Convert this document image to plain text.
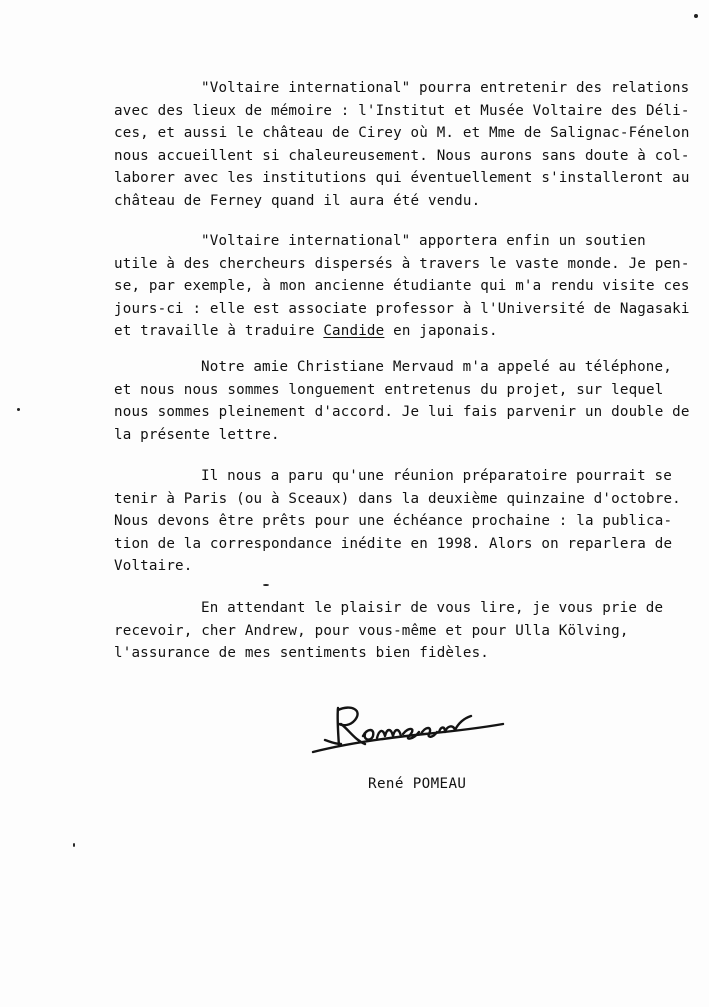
"Voltaire international" pourra entretenir des relations
avec des lieux de mémoire : l'Institut et Musée Voltaire des Déli-
ces, et aussi le château de Cirey où M. et Mme de Salignac-Fénelon
nous accueillent si chaleureusement. Nous aurons sans doute à col-
laborer avec les institutions qui éventuellement s'installeront au
château de Ferney quand il aura été vendu.
"Voltaire international" apportera enfin un soutien
utile à des chercheurs dispersés à travers le vaste monde. Je pen-
se, par exemple, à mon ancienne étudiante qui m'a rendu visite ces
jours-ci : elle est associate professor à l'Université de Nagasaki
et travaille à traduire Candide en japonais.
Notre amie Christiane Mervaud m'a appelé au téléphone,
et nous nous sommes longuement entretenus du projet, sur lequel
nous sommes pleinement d'accord. Je lui fais parvenir un double de
la présente lettre.
Il nous a paru qu'une réunion préparatoire pourrait se
tenir à Paris (ou à Sceaux) dans la deuxième quinzaine d'octobre.
Nous devons être prêts pour une échéance prochaine : la publica-
tion de la correspondance inédite en 1998. Alors on reparlera de
Voltaire.
En attendant le plaisir de vous lire, je vous prie de
recevoir, cher Andrew, pour vous-même et pour Ulla Kölving,
l'assurance de mes sentiments bien fidèles.
René POMEAU
